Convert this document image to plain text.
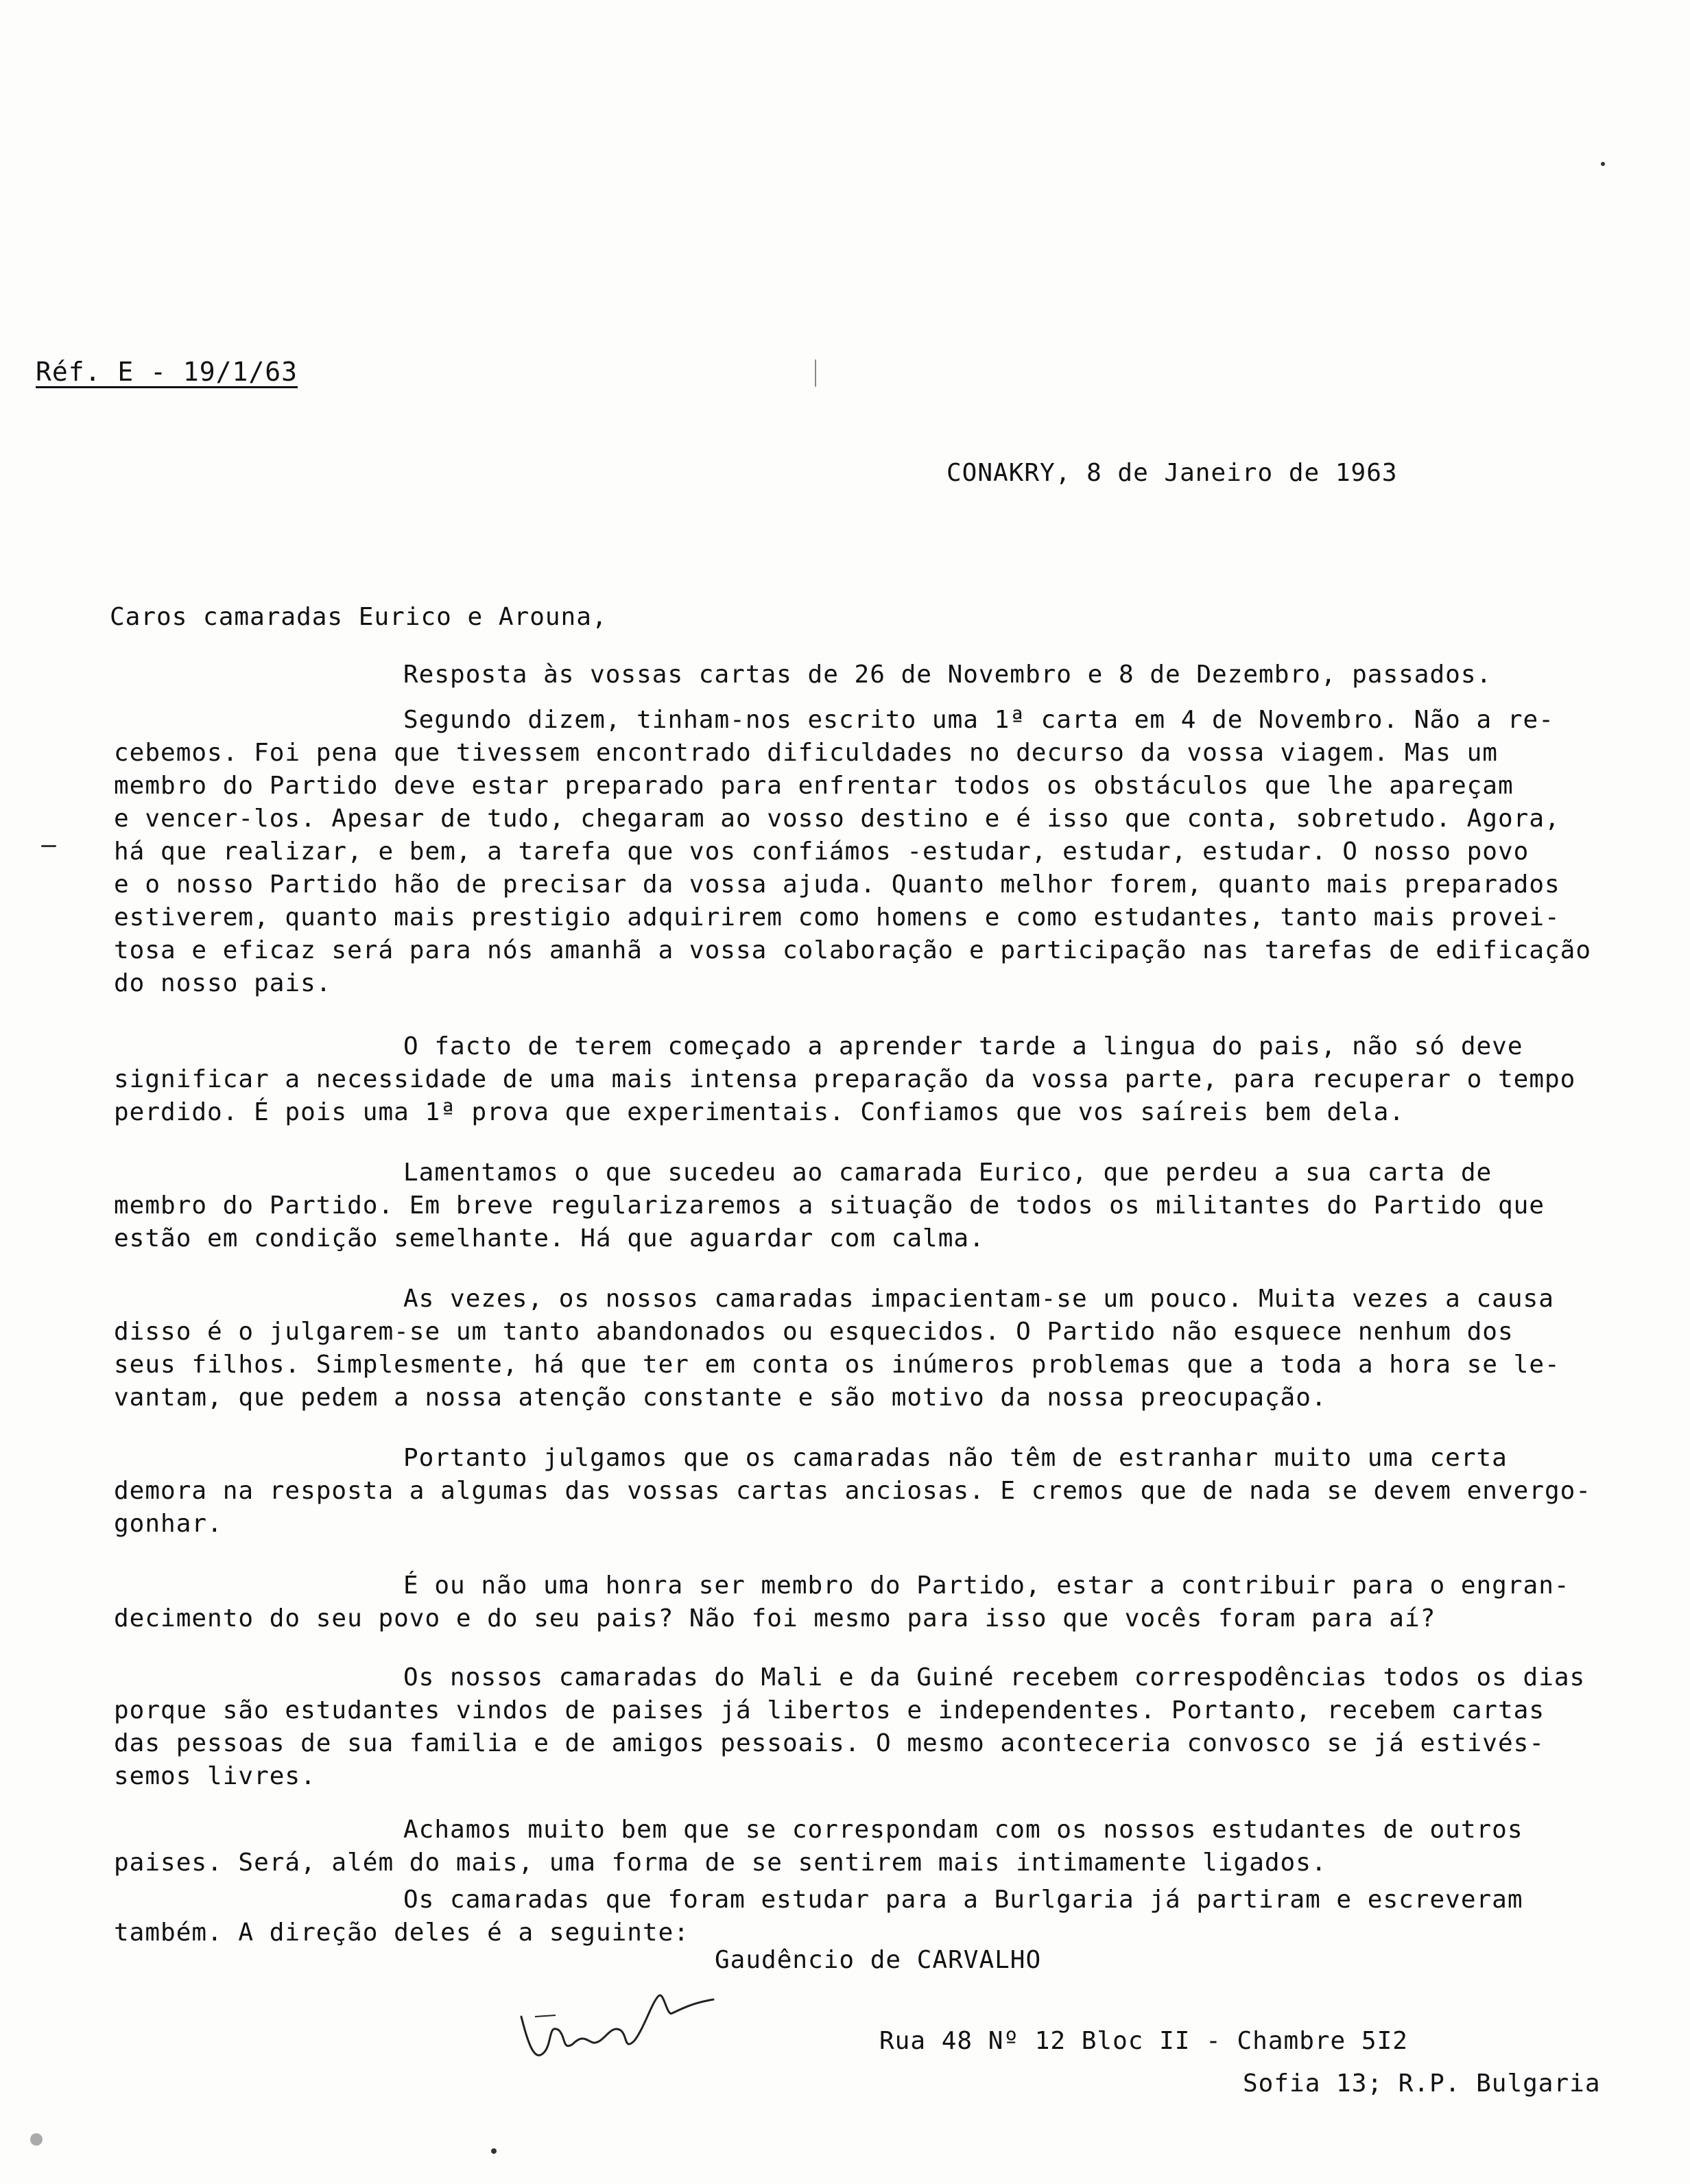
Réf. E - 19/1/63
CONAKRY, 8 de Janeiro de 1963
Caros camaradas Eurico e Arouna,
Resposta às vossas cartas de 26 de Novembro e 8 de Dezembro, passados.
Segundo dizem, tinham-nos escrito uma 1ª carta em 4 de Novembro. Não a re-
cebemos. Foi pena que tivessem encontrado dificuldades no decurso da vossa viagem. Mas um
membro do Partido deve estar preparado para enfrentar todos os obstáculos que lhe apareçam
e vencer-los. Apesar de tudo, chegaram ao vosso destino e é isso que conta, sobretudo. Agora,
há que realizar, e bem, a tarefa que vos confiámos -estudar, estudar, estudar. O nosso povo
e o nosso Partido hão de precisar da vossa ajuda. Quanto melhor forem, quanto mais preparados
estiverem, quanto mais prestigio adquirirem como homens e como estudantes, tanto mais provei-
tosa e eficaz será para nós amanhã a vossa colaboração e participação nas tarefas de edificação
do nosso pais.
O facto de terem começado a aprender tarde a lingua do pais, não só deve
significar a necessidade de uma mais intensa preparação da vossa parte, para recuperar o tempo
perdido. É pois uma 1ª prova que experimentais. Confiamos que vos saíreis bem dela.
Lamentamos o que sucedeu ao camarada Eurico, que perdeu a sua carta de
membro do Partido. Em breve regularizaremos a situação de todos os militantes do Partido que
estão em condição semelhante. Há que aguardar com calma.
As vezes, os nossos camaradas impacientam-se um pouco. Muita vezes a causa
disso é o julgarem-se um tanto abandonados ou esquecidos. O Partido não esquece nenhum dos
seus filhos. Simplesmente, há que ter em conta os inúmeros problemas que a toda a hora se le-
vantam, que pedem a nossa atenção constante e são motivo da nossa preocupação.
Portanto julgamos que os camaradas não têm de estranhar muito uma certa
demora na resposta a algumas das vossas cartas anciosas. E cremos que de nada se devem envergo-
gonhar.
É ou não uma honra ser membro do Partido, estar a contribuir para o engran-
decimento do seu povo e do seu pais? Não foi mesmo para isso que vocês foram para aí?
Os nossos camaradas do Mali e da Guiné recebem correspodências todos os dias
porque são estudantes vindos de paises já libertos e independentes. Portanto, recebem cartas
das pessoas de sua familia e de amigos pessoais. O mesmo aconteceria convosco se já estivés-
semos livres.
Achamos muito bem que se correspondam com os nossos estudantes de outros
paises. Será, além do mais, uma forma de se sentirem mais intimamente ligados.
Os camaradas que foram estudar para a Burlgaria já partiram e escreveram
também. A direção deles é a seguinte:
Gaudêncio de CARVALHO
Rua 48 Nº 12 Bloc II - Chambre 5I2
Sofia 13; R.P. Bulgaria
